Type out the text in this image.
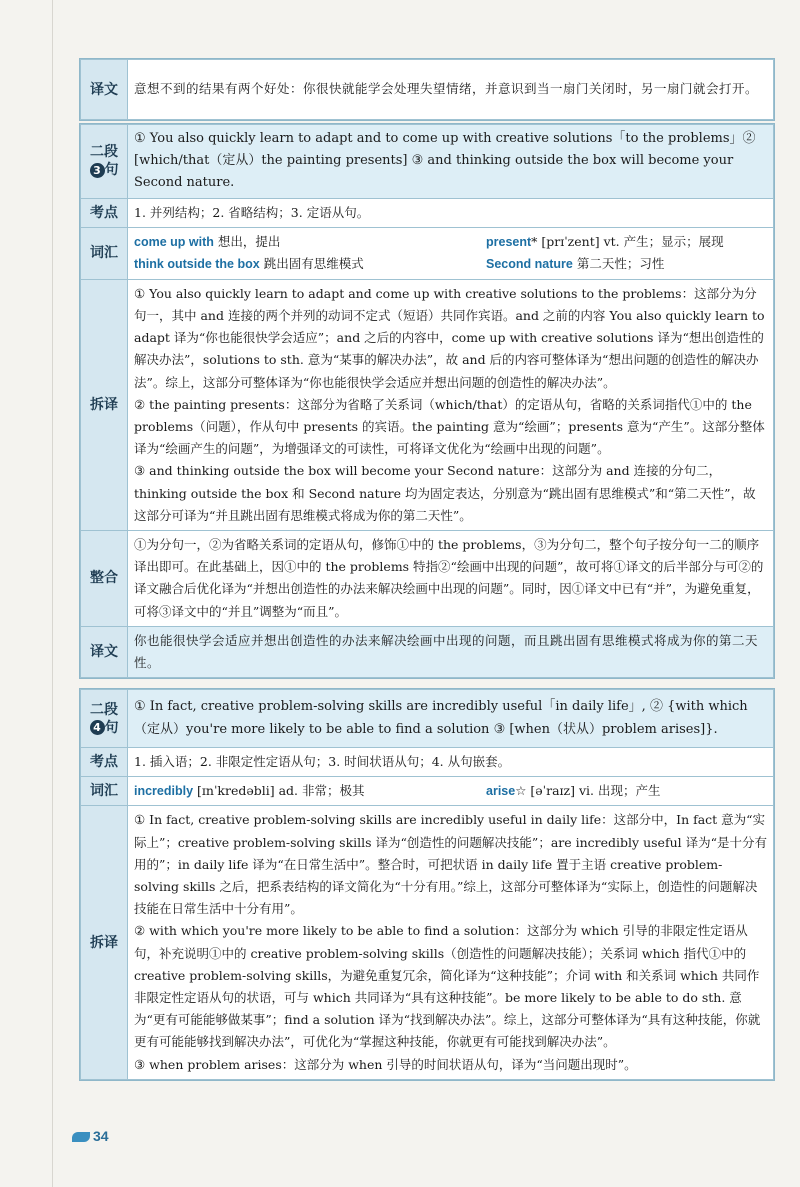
译文	意想不到的结果有两个好处：你很快就能学会处理失望情绪，并意识到当一扇门关闭时，另一扇门就会打开。
二段
3 句	① You also quickly learn to adapt and to come up with creative solutions「to the problems」② [which/that（定从）the painting presents] ③ and thinking outside the box will become your Second nature.
考点	1. 并列结构；2. 省略结构；3. 定语从句。
词汇	come up with 想出，提出 present* [prɪˈzent] vt. 产生；显示；展现
think outside the box 跳出固有思维模式 Second nature 第二天性；习性

拆译	① You also quickly learn to adapt and come up with creative solutions to the problems：这部分为分句一，其中 and 连接的两个并列的动词不定式（短语）共同作宾语。and 之前的内容 You also quickly learn to adapt 译为“你也能很快学会适应”；and 之后的内容中，come up with creative solutions 译为“想出创造性的解决办法”，solutions to sth. 意为“某事的解决办法”，故 and 后的内容可整体译为“想出问题的创造性的解决办法”。综上，这部分可整体译为“你也能很快学会适应并想出问题的创造性的解决办法”。
② the painting presents：这部分为省略了关系词（which/that）的定语从句，省略的关系词指代①中的 the problems（问题），作从句中 presents 的宾语。the painting 意为“绘画”；presents 意为“产生”。这部分整体译为“绘画产生的问题”，为增强译文的可读性，可将译文优化为“绘画中出现的问题”。
③ and thinking outside the box will become your Second nature：这部分为 and 连接的分句二，thinking outside the box 和 Second nature 均为固定表达，分别意为“跳出固有思维模式”和“第二天性”，故这部分可译为“并且跳出固有思维模式将成为你的第二天性”。

整合	①为分句一，②为省略关系词的定语从句，修饰①中的 the problems，③为分句二，整个句子按分句一二的顺序译出即可。在此基础上，因①中的 the problems 特指②“绘画中出现的问题”，故可将①译文的后半部分与可②的译文融合后优化译为“并想出创造性的办法来解决绘画中出现的问题”。同时，因①译文中已有“并”，为避免重复，可将③译文中的“并且”调整为“而且”。
译文	你也能很快学会适应并想出创造性的办法来解决绘画中出现的问题，而且跳出固有思维模式将成为你的第二天性。
二段
4 句	① In fact, creative problem-solving skills are incredibly useful「in daily life」, ② {with which（定从）you're more likely to be able to find a solution ③ [when（状从）problem arises]}.
考点	1. 插入语；2. 非限定性定语从句；3. 时间状语从句；4. 从句嵌套。
词汇	incredibly [ɪnˈkredəbli] ad. 非常；极其 arise☆ [əˈraɪz] vi. 出现；产生

拆译	① In fact, creative problem-solving skills are incredibly useful in daily life：这部分中，In fact 意为“实际上”；creative problem-solving skills 译为“创造性的问题解决技能”；are incredibly useful 译为“是十分有用的”；in daily life 译为“在日常生活中”。整合时，可把状语 in daily life 置于主语 creative problem-solving skills 之后，把系表结构的译文简化为“十分有用。”综上，这部分可整体译为“实际上，创造性的问题解决技能在日常生活中十分有用”。
② with which you're more likely to be able to find a solution：这部分为 which 引导的非限定性定语从句，补充说明①中的 creative problem-solving skills（创造性的问题解决技能）；关系词 which 指代①中的 creative problem-solving skills，为避免重复冗余，简化译为“这种技能”；介词 with 和关系词 which 共同作非限定性定语从句的状语，可与 which 共同译为“具有这种技能”。be more likely to be able to do sth. 意为“更有可能能够做某事”；find a solution 译为“找到解决办法”。综上，这部分可整体译为“具有这种技能，你就更有可能能够找到解决办法”，可优化为“掌握这种技能，你就更有可能找到解决办法”。
③ when problem arises：这部分为 when 引导的时间状语从句，译为“当问题出现时”。
34
